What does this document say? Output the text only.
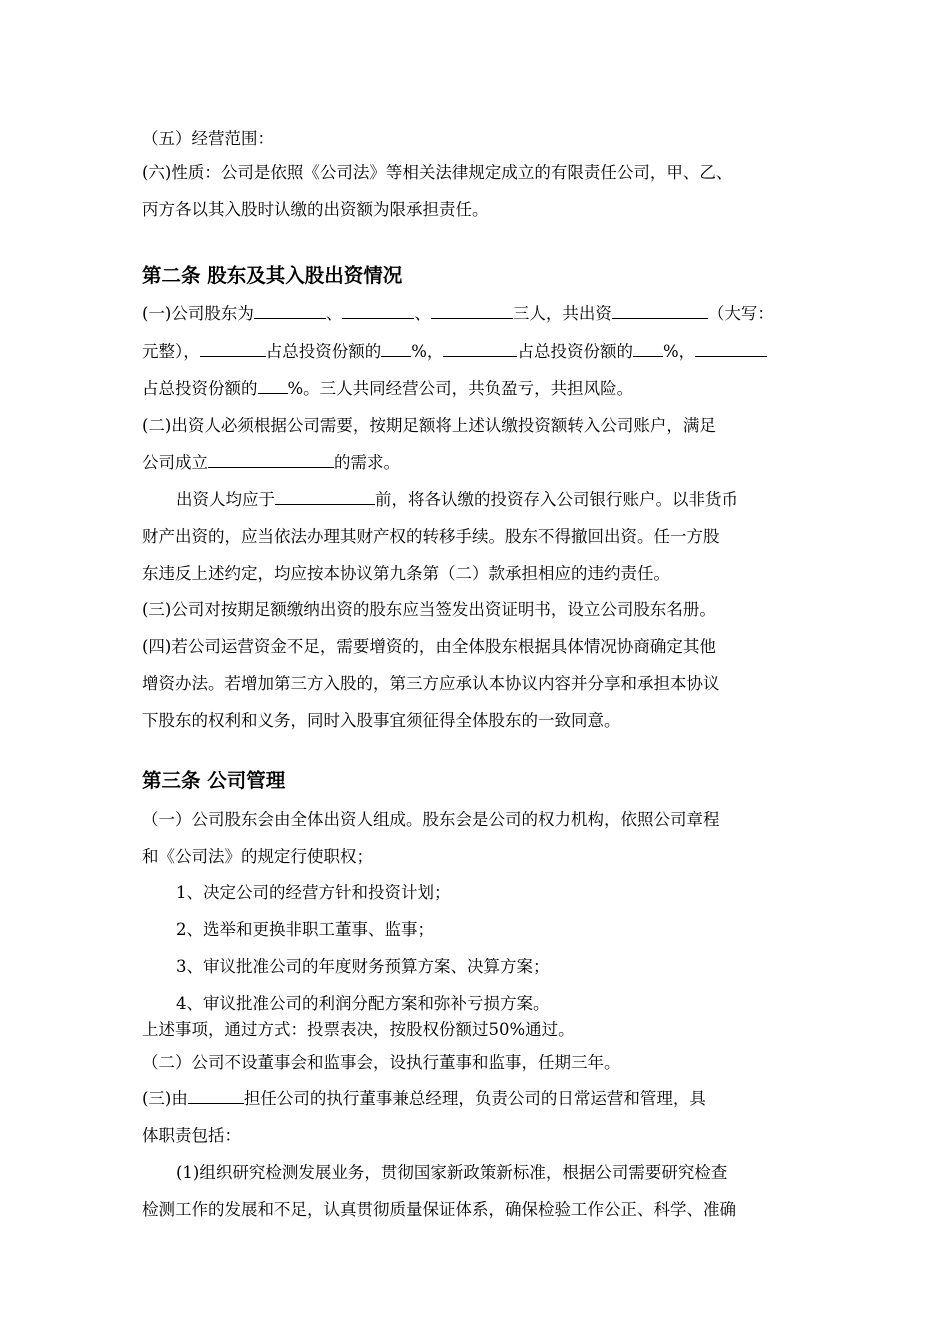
（五）经营范围：
(六)性质：公司是依照《公司法》等相关法律规定成立的有限责任公司，甲、乙、
丙方各以其入股时认缴的出资额为限承担责任。
第二条 股东及其入股出资情况
(一)公司股东为	、	、	三人，共出资	（大写：
元整），	占总投资份额的 %，	占总投资份额的 %，
占总投资份额的 %。三人共同经营公司，共负盈亏，共担风险。
(二)出资人必须根据公司需要，按期足额将上述认缴投资额转入公司账户，满足
公司成立	的需求。
出资人均应于	前，将各认缴的投资存入公司银行账户。以非货币
财产出资的，应当依法办理其财产权的转移手续。股东不得撤回出资。任一方股
东违反上述约定，均应按本协议第九条第（二）款承担相应的违约责任。
(三)公司对按期足额缴纳出资的股东应当签发出资证明书，设立公司股东名册。
(四)若公司运营资金不足，需要增资的，由全体股东根据具体情况协商确定其他
增资办法。若增加第三方入股的，第三方应承认本协议内容并分享和承担本协议
下股东的权利和义务，同时入股事宜须征得全体股东的一致同意。
第三条 公司管理
（一）公司股东会由全体出资人组成。股东会是公司的权力机构，依照公司章程
和《公司法》的规定行使职权；
1、决定公司的经营方针和投资计划；
2、选举和更换非职工董事、监事；
3、审议批准公司的年度财务预算方案、决算方案；
4、审议批准公司的利润分配方案和弥补亏损方案。
上述事项，通过方式：投票表决，按股权份额过50%通过。
（二）公司不设董事会和监事会，设执行董事和监事，任期三年。
(三)由	担任公司的执行董事兼总经理，负责公司的日常运营和管理，具
体职责包括：
(1)组织研究检测发展业务，贯彻国家新政策新标准，根据公司需要研究检查
检测工作的发展和不足，认真贯彻质量保证体系，确保检验工作公正、科学、准确
